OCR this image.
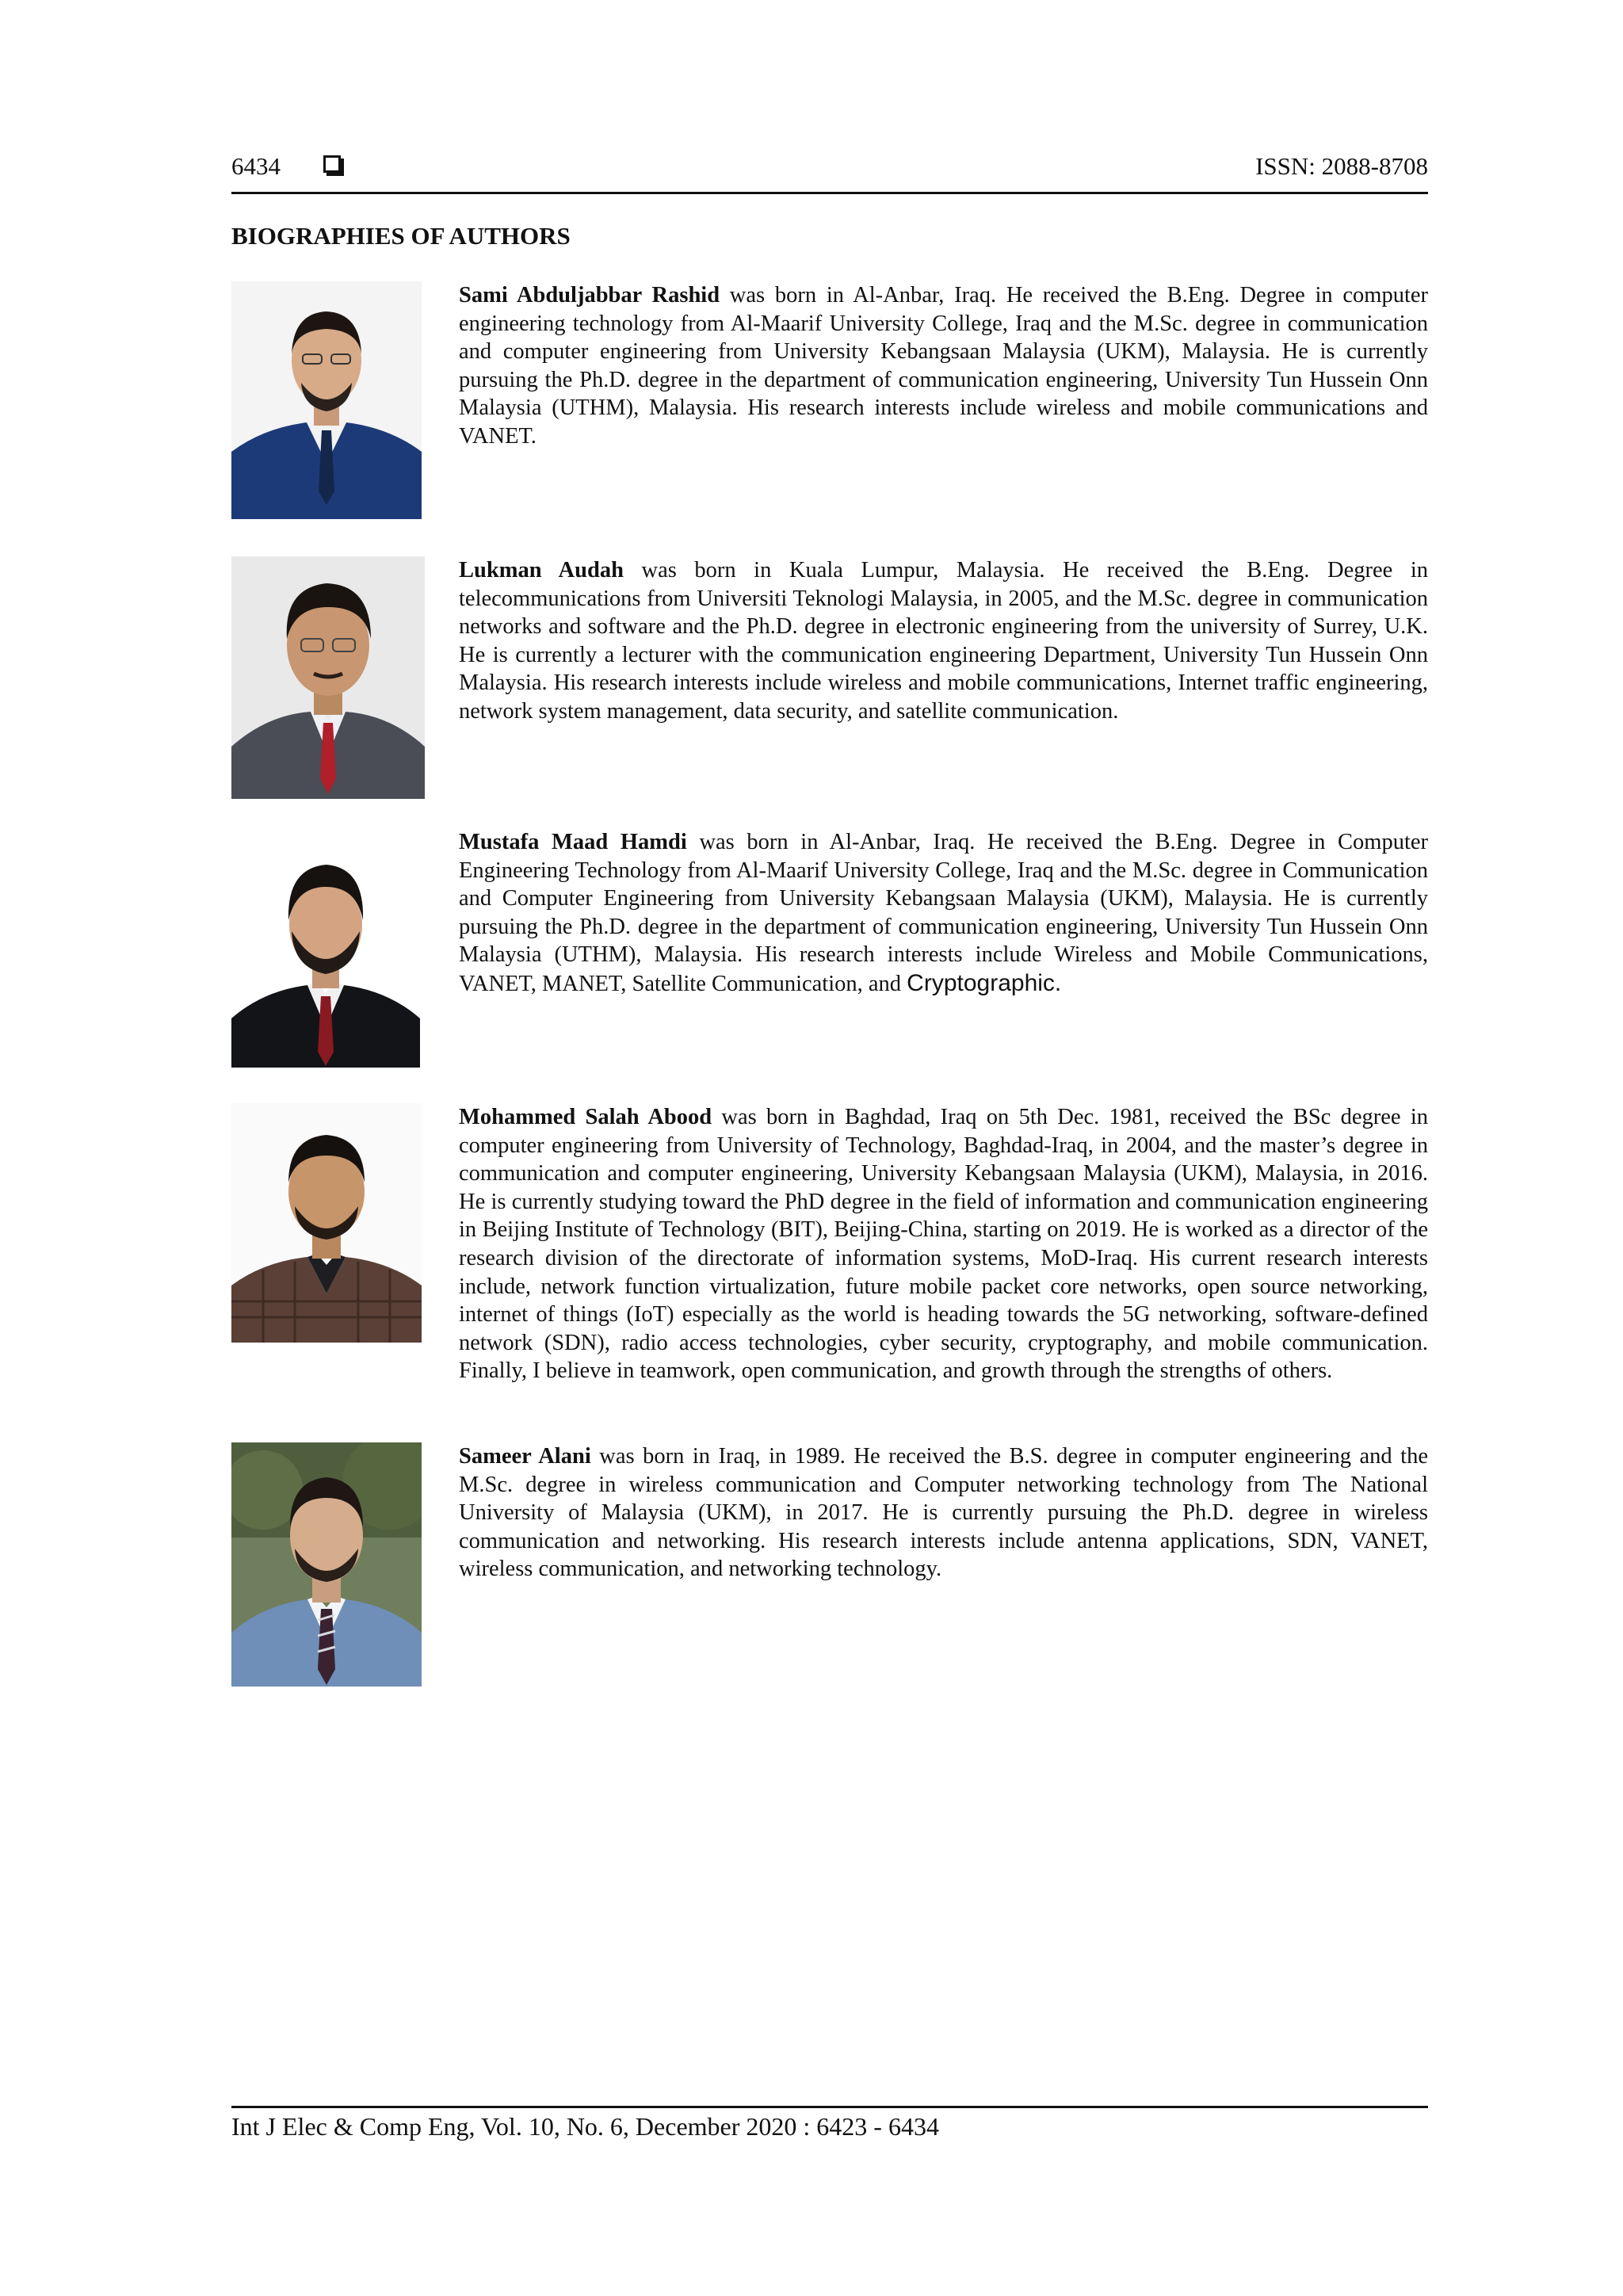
6434	ISSN: 2088-8708
BIOGRAPHIES OF AUTHORS

Sami Abduljabbar Rashid was born in Al-Anbar, Iraq. He received the B.Eng. Degree in computer engineering technology from Al-Maarif University College, Iraq and the M.Sc. degree in communication and computer engineering from University Kebangsaan Malaysia (UKM), Malaysia. He is currently pursuing the Ph.D. degree in the department of communication engineering, University Tun Hussein Onn Malaysia (UTHM), Malaysia. His research interests include wireless and mobile communications and VANET.

Lukman Audah was born in Kuala Lumpur, Malaysia. He received the B.Eng. Degree in telecommunications from Universiti Teknologi Malaysia, in 2005, and the M.Sc. degree in communication networks and software and the Ph.D. degree in electronic engineering from the university of Surrey, U.K. He is currently a lecturer with the communication engineering Department, University Tun Hussein Onn Malaysia. His research interests include wireless and mobile communications, Internet traffic engineering, network system management, data security, and satellite communication.

Mustafa Maad Hamdi was born in Al-Anbar, Iraq. He received the B.Eng. Degree in Computer Engineering Technology from Al-Maarif University College, Iraq and the M.Sc. degree in Communication and Computer Engineering from University Kebangsaan Malaysia (UKM), Malaysia. He is currently pursuing the Ph.D. degree in the department of communication engineering, University Tun Hussein Onn Malaysia (UTHM), Malaysia. His research interests include Wireless and Mobile Communications, VANET, MANET, Satellite Communication, and Cryptographic.

Mohammed Salah Abood was born in Baghdad, Iraq on 5th Dec. 1981, received the BSc degree in computer engineering from University of Technology, Baghdad-Iraq, in 2004, and the master’s degree in communication and computer engineering, University Kebangsaan Malaysia (UKM), Malaysia, in 2016. He is currently studying toward the PhD degree in the field of information and communication engineering in Beijing Institute of Technology (BIT), Beijing-China, starting on 2019. He is worked as a director of the research division of the directorate of information systems, MoD-Iraq. His current research interests include, network function virtualization, future mobile packet core networks, open source networking, internet of things (IoT) especially as the world is heading towards the 5G networking, software-defined network (SDN), radio access technologies, cyber security, cryptography, and mobile communication. Finally, I believe in teamwork, open communication, and growth through the strengths of others.

Sameer Alani was born in Iraq, in 1989. He received the B.S. degree in computer engineering and the M.Sc. degree in wireless communication and Computer networking technology from The National University of Malaysia (UKM), in 2017. He is currently pursuing the Ph.D. degree in wireless communication and networking. His research interests include antenna applications, SDN, VANET, wireless communication, and networking technology.

Int J Elec & Comp Eng, Vol. 10, No. 6, December 2020 : 6423 - 6434
